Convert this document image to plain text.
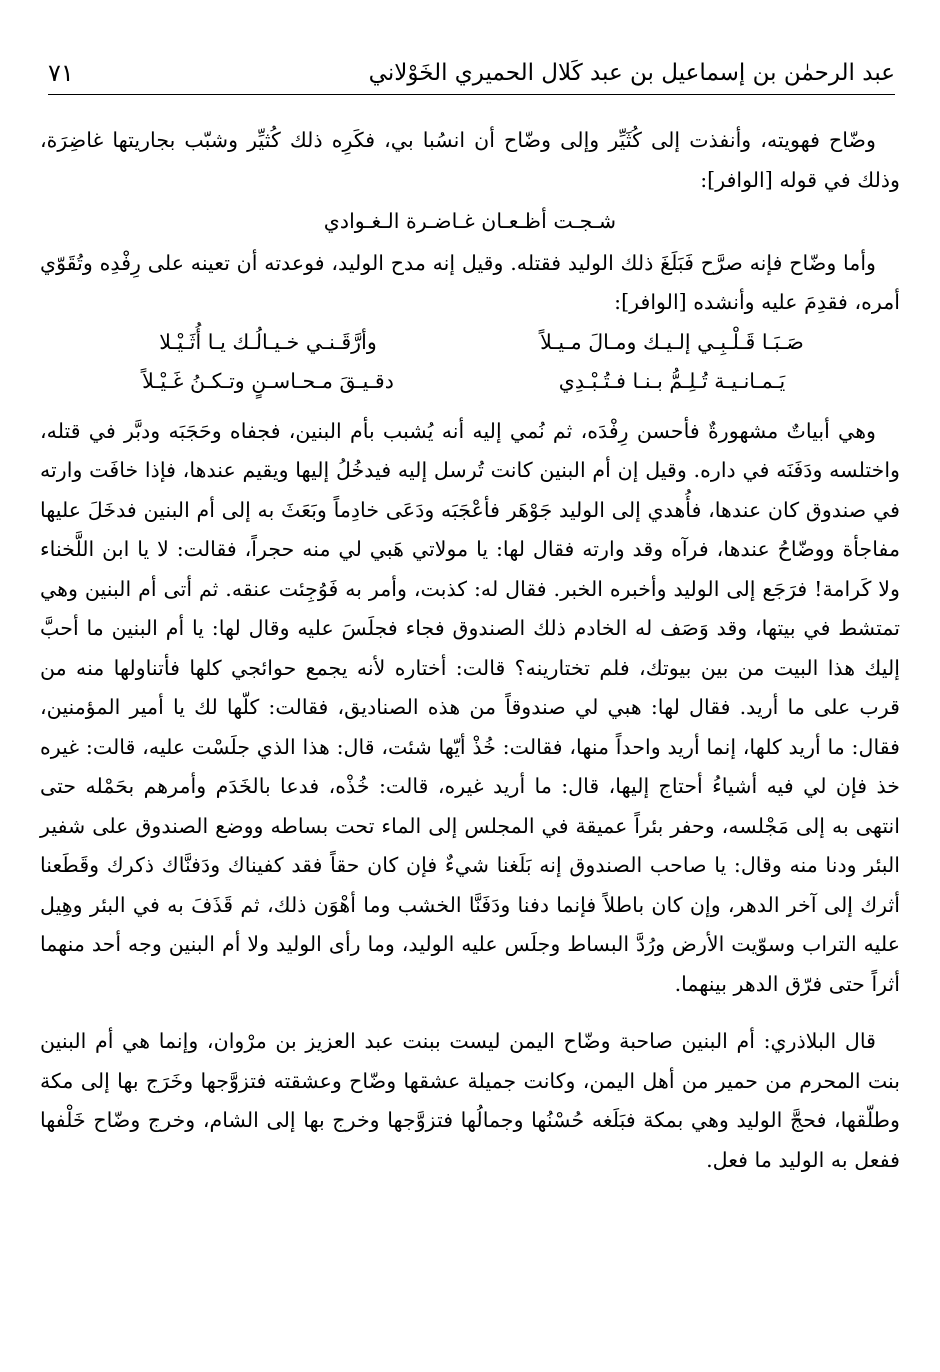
عبد الرحمٰن بن إسماعيل بن عبد كَلال الحميري الخَوْلاني
٧١

وضّاح فهويته، وأنفذت إلى كُثَيِّر وإلى وضّاح أن انسُبا بي، فكَرِه ذلك كُثيِّر وشبّب بجاريتها غاضِرَة، وذلك في قوله [الوافر]:

شـجـت أظـعـان غـاضـرة الـغـوادي

وأما وضّاح فإنه صرَّح فَبَلَغَ ذلك الوليد فقتله. وقيل إنه مدح الوليد، فوعدته أن تعينه على رِفْدِه وتُقَوّي أمره، فقدِمَ عليه وأنشده [الوافر]:

صَـبَـا قَـلْـبِـي إلـيـك ومـالَ مـيـلاً
وأرَّقَـنـي خـيـالُـك يـا أُثَـيْـلا
يَـمـانـيـة تُـلِـمُّ بـنـا فـتُـبْـدِي
دقـيـقَ مـحـاسـنٍ وتـكـنُ غَـيْـلاً

وهي أبياتٌ مشهورةٌ فأحسن رِفْدَه، ثم نُمي إليه أنه يُشبب بأم البنين، فجفاه وحَجَبَه ودبَّر في قتله، واختلسه ودَفَنَه في داره. وقيل إن أم البنين كانت تُرسل إليه فيدخُلُ إليها ويقيم عندها، فإذا خافَت وارته في صندوق كان عندها، فأُهدي إلى الوليد جَوْهَر فأعْجَبَه ودَعَى خادِماً وبَعَثَ به إلى أم البنين فدخَلَ عليها مفاجأة ووضّاحُ عندها، فرآه وقد وارته فقال لها: يا مولاتي هَبي لي منه حجراً، فقالت: لا يا ابن اللَّخناء ولا كَرامة! فرَجَع إلى الوليد وأخبره الخبر. فقال له: كذبت، وأمر به فَوُجِئت عنقه. ثم أتى أم البنين وهي تمتشط في بيتها، وقد وَصَف له الخادم ذلك الصندوق فجاء فجلَسَ عليه وقال لها: يا أم البنين ما أحبَّ إليك هذا البيت من بين بيوتك، فلم تختارينه؟ قالت: أختاره لأنه يجمع حوائجي كلها فأتناولها منه من قرب على ما أريد. فقال لها: هبي لي صندوقاً من هذه الصناديق، فقالت: كلّها لك يا أمير المؤمنين، فقال: ما أريد كلها، إنما أريد واحداً منها، فقالت: خُذْ أيّها شئت، قال: هذا الذي جلَسْت عليه، قالت: غيره خذ فإن لي فيه أشياءُ أحتاج إليها، قال: ما أريد غيره، قالت: خُذْه، فدعا بالخَدَم وأمرهم بحَمْله حتى انتهى به إلى مَجْلسه، وحفر بئراً عميقة في المجلس إلى الماء تحت بساطه ووضع الصندوق على شفير البئر ودنا منه وقال: يا صاحب الصندوق إنه بَلَغنا شيءٌ فإن كان حقاً فقد كفيناك ودَفنَّاك ذكرك وقَطَعنا أثرك إلى آخر الدهر، وإن كان باطلاً فإنما دفنا ودَفَنَّا الخشب وما أهْوَن ذلك، ثم قَذَفَ به في البئر وهِيل عليه التراب وسوّيت الأرض ورُدَّ البساط وجلَس عليه الوليد، وما رأى الوليد ولا أم البنين وجه أحد منهما أثراً حتى فرّق الدهر بينهما.

قال البلاذري: أم البنين صاحبة وضّاح اليمن ليست ببنت عبد العزيز بن مرْوان، وإنما هي أم البنين بنت المحرم من حمير من أهل اليمن، وكانت جميلة عشقها وضّاح وعشقته فتزوَّجها وخَرَج بها إلى مكة وطلّقها، فحجَّ الوليد وهي بمكة فبَلَغه حُسْنُها وجمالُها فتزوَّجها وخرج بها إلى الشام، وخرج وضّاح خَلْفها ففعل به الوليد ما فعل.
